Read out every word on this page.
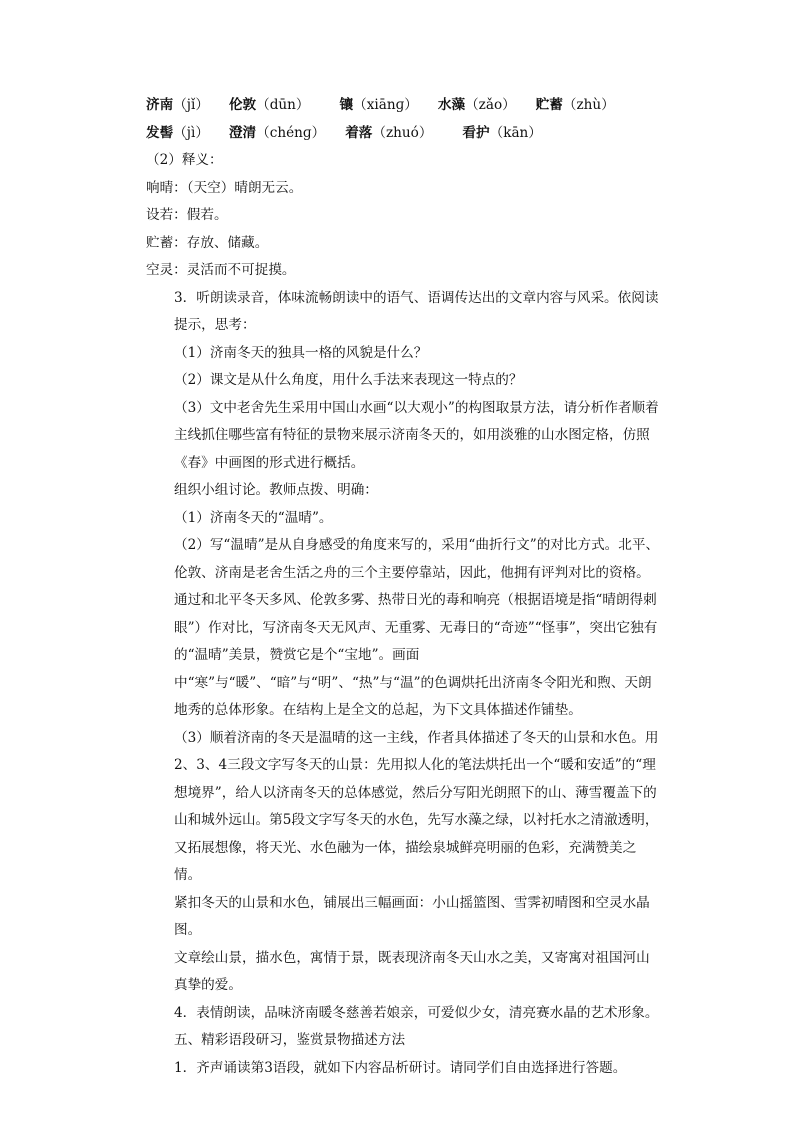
济南（jǐ） 伦敦（dūn） 镶（xiānɡ） 水藻（zǎo） 贮蓄（zhù）
发髻（jì） 澄清（chénɡ） 着落（zhuó） 看护（kān）
（2）释义：
响晴：（天空）晴朗无云。
设若：假若。
贮蓄：存放、储藏。
空灵：灵活而不可捉摸。
3．听朗读录音，体味流畅朗读中的语气、语调传达出的文章内容与风采。依阅读提示，思考：
（1）济南冬天的独具一格的风貌是什么？
（2）课文是从什么角度，用什么手法来表现这一特点的？
（3）文中老舍先生采用中国山水画“以大观小”的构图取景方法，请分析作者顺着主线抓住哪些富有特征的景物来展示济南冬天的，如用淡雅的山水图定格，仿照《春》中画图的形式进行概括。
组织小组讨论。教师点拨、明确：
（1）济南冬天的“温晴”。
（2）写“温晴”是从自身感受的角度来写的，采用“曲折行文”的对比方式。北平、伦敦、济南是老舍生活之舟的三个主要停靠站，因此，他拥有评判对比的资格。通过和北平冬天多风、伦敦多雾、热带日光的毒和响亮（根据语境是指“晴朗得刺眼”）作对比，写济南冬天无风声、无重雾、无毒日的“奇迹”“怪事”，突出它独有的“温晴”美景，赞赏它是个“宝地”。画面中“寒”与“暖”、“暗”与“明”、“热”与“温”的色调烘托出济南冬令阳光和煦、天朗地秀的总体形象。在结构上是全文的总起，为下文具体描述作铺垫。
（3）顺着济南的冬天是温晴的这一主线，作者具体描述了冬天的山景和水色。用2、3、4三段文字写冬天的山景：先用拟人化的笔法烘托出一个“暖和安适”的“理想境界”，给人以济南冬天的总体感觉，然后分写阳光朗照下的山、薄雪覆盖下的山和城外远山。第5段文字写冬天的水色，先写水藻之绿，以衬托水之清澈透明，又拓展想像，将天光、水色融为一体，描绘泉城鲜亮明丽的色彩，充满赞美之情。
紧扣冬天的山景和水色，铺展出三幅画面：小山摇篮图、雪霁初晴图和空灵水晶图。
文章绘山景，描水色，寓情于景，既表现济南冬天山水之美，又寄寓对祖国河山真挚的爱。
4．表情朗读，品味济南暖冬慈善若娘亲，可爱似少女，清亮赛水晶的艺术形象。
五、精彩语段研习，鉴赏景物描述方法
1．齐声诵读第3语段，就如下内容品析研讨。请同学们自由选择进行答题。
